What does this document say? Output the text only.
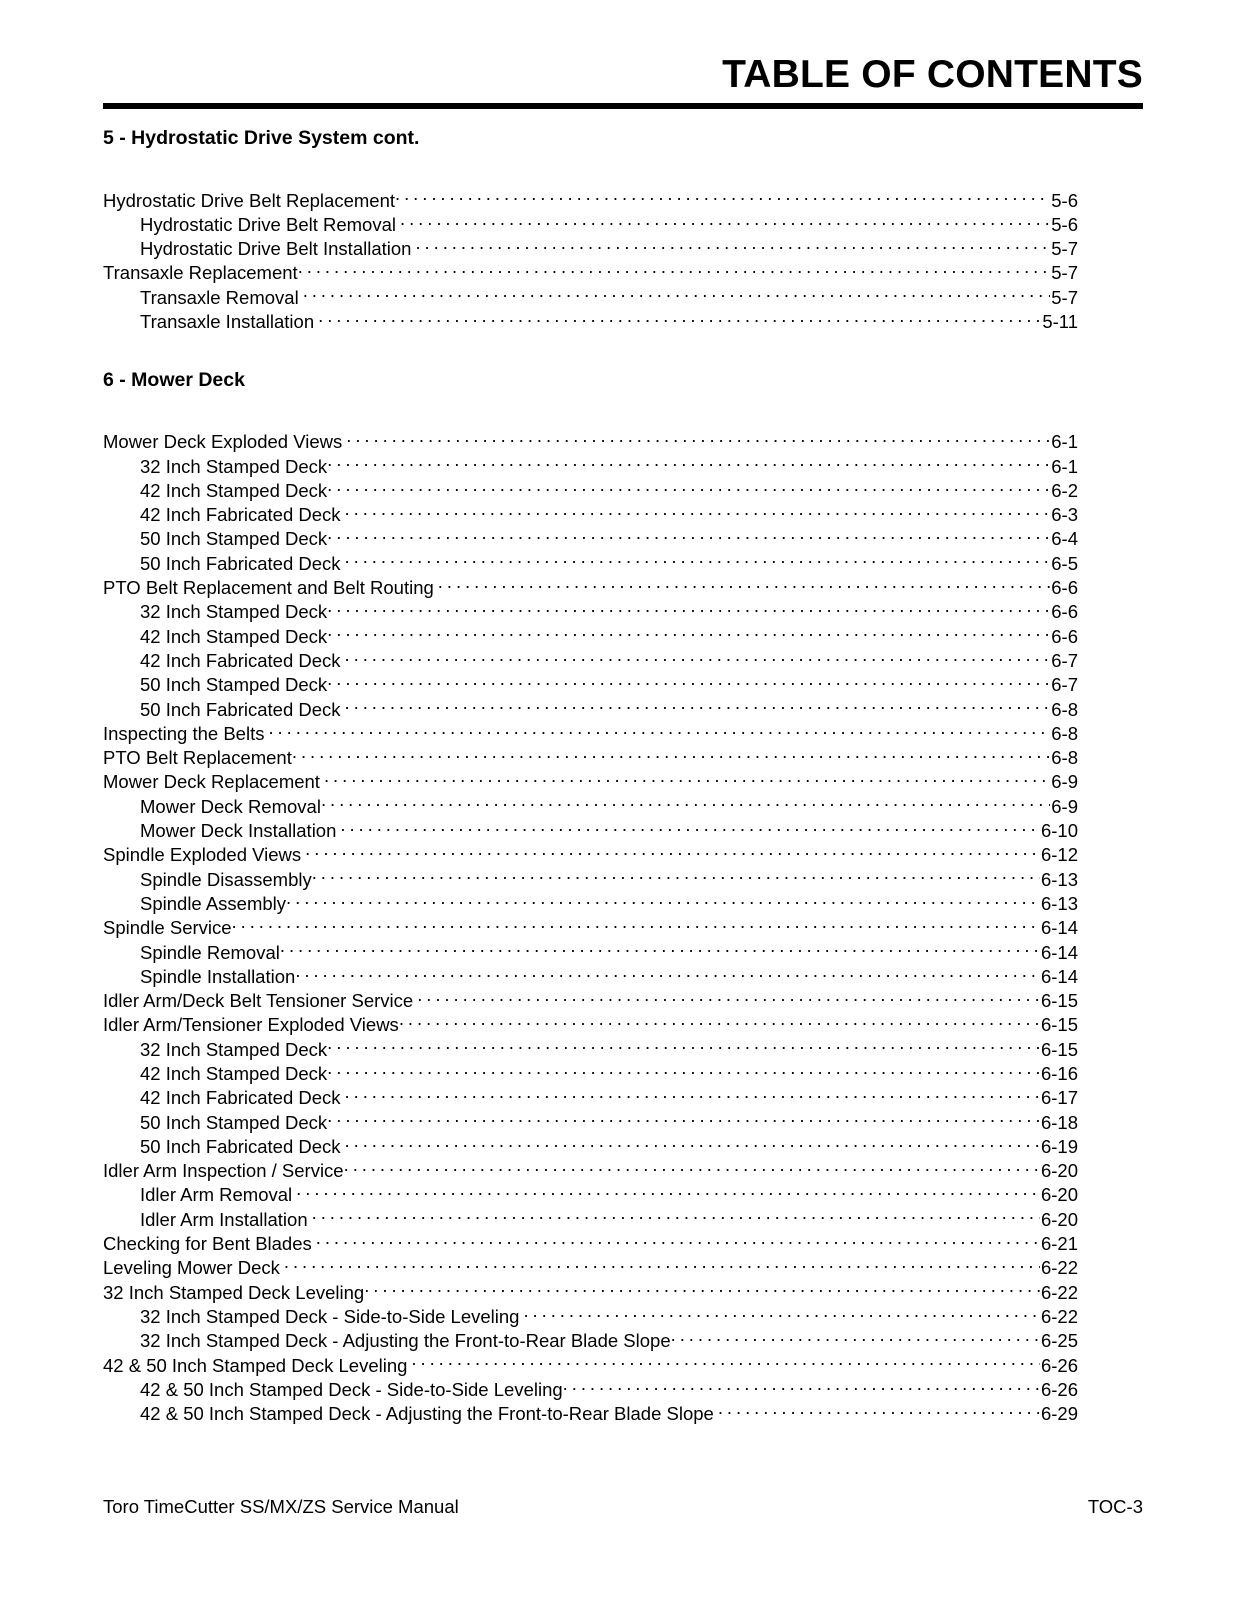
TABLE OF CONTENTS
5 - Hydrostatic Drive System cont.
Hydrostatic Drive Belt Replacement . . .	5-6
Hydrostatic Drive Belt Removal . . .	5-6
Hydrostatic Drive Belt Installation . . .	5-7
Transaxle Replacement . . .	5-7
Transaxle Removal . . .	5-7
Transaxle Installation . . .	5-11
6 - Mower Deck
Mower Deck Exploded Views . . .	6-1
32 Inch Stamped Deck . . .	6-1
42 Inch Stamped Deck . . .	6-2
42 Inch Fabricated Deck . . .	6-3
50 Inch Stamped Deck . . .	6-4
50 Inch Fabricated Deck . . .	6-5
PTO Belt Replacement and Belt Routing . . .	6-6
32 Inch Stamped Deck . . .	6-6
42 Inch Stamped Deck . . .	6-6
42 Inch Fabricated Deck . . .	6-7
50 Inch Stamped Deck . . .	6-7
50 Inch Fabricated Deck . . .	6-8
Inspecting the Belts . . .	6-8
PTO Belt Replacement . . .	6-8
Mower Deck Replacement . . .	6-9
Mower Deck Removal . . .	6-9
Mower Deck Installation . . .	6-10
Spindle Exploded Views . . .	6-12
Spindle Disassembly . . .	6-13
Spindle Assembly . . .	6-13
Spindle Service . . .	6-14
Spindle Removal . . .	6-14
Spindle Installation . . .	6-14
Idler Arm/Deck Belt Tensioner Service . . .	6-15
Idler Arm/Tensioner Exploded Views . . .	6-15
32 Inch Stamped Deck . . .	6-15
42 Inch Stamped Deck . . .	6-16
42 Inch Fabricated Deck . . .	6-17
50 Inch Stamped Deck . . .	6-18
50 Inch Fabricated Deck . . .	6-19
Idler Arm Inspection / Service . . .	6-20
Idler Arm Removal . . .	6-20
Idler Arm Installation . . .	6-20
Checking for Bent Blades . . .	6-21
Leveling Mower Deck . . .	6-22
32 Inch Stamped Deck Leveling . . .	6-22
32 Inch Stamped Deck - Side-to-Side Leveling . . .	6-22
32 Inch Stamped Deck - Adjusting the Front-to-Rear Blade Slope . . .	6-25
42 & 50 Inch Stamped Deck Leveling . . .	6-26
42 & 50 Inch Stamped Deck - Side-to-Side Leveling . . .	6-26
42 & 50 Inch Stamped Deck - Adjusting the Front-to-Rear Blade Slope . . .	6-29
Toro TimeCutter SS/MX/ZS Service Manual	TOC-3
